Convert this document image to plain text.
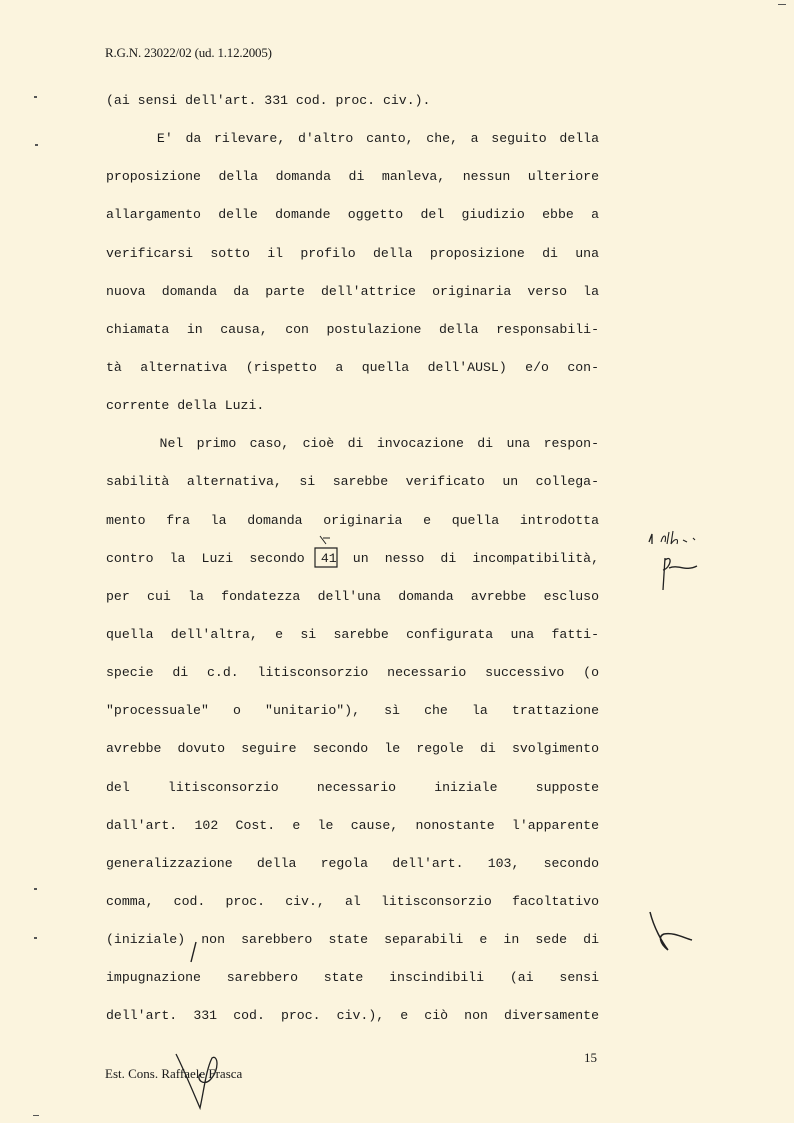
R.G.N. 23022/02 (ud. 1.12.2005)
(ai sensi dell'art. 331 cod. proc. civ.).
E' da rilevare, d'altro canto, che, a seguito della
proposizione della domanda di manleva, nessun ulteriore
allargamento delle domande oggetto del giudizio ebbe a
verificarsi sotto il profilo della proposizione di una
nuova domanda da parte dell'attrice originaria verso la
chiamata in causa, con postulazione della responsabili-
tà alternativa (rispetto a quella dell'AUSL) e/o con-
corrente della Luzi.
Nel primo caso, cioè di invocazione di una respon-
sabilità alternativa, si sarebbe verificato un collega-
mento fra la domanda originaria e quella introdotta
contro la Luzi secondo 41 un nesso di incompatibilità,
per cui la fondatezza dell'una domanda avrebbe escluso
quella dell'altra, e si sarebbe configurata una fatti-
specie di c.d. litisconsorzio necessario successivo (o
"processuale" o "unitario"), sì che la trattazione
avrebbe dovuto seguire secondo le regole di svolgimento
del litisconsorzio necessario iniziale supposte
dall'art. 102 Cost. e le cause, nonostante l'apparente
generalizzazione della regola dell'art. 103, secondo
comma, cod. proc. civ., al litisconsorzio facoltativo
(iniziale) non sarebbero state separabili e in sede di
impugnazione sarebbero state inscindibili (ai sensi
dell'art. 331 cod. proc. civ.), e ciò non diversamente
15
Est. Cons. Raffaele Frasca
